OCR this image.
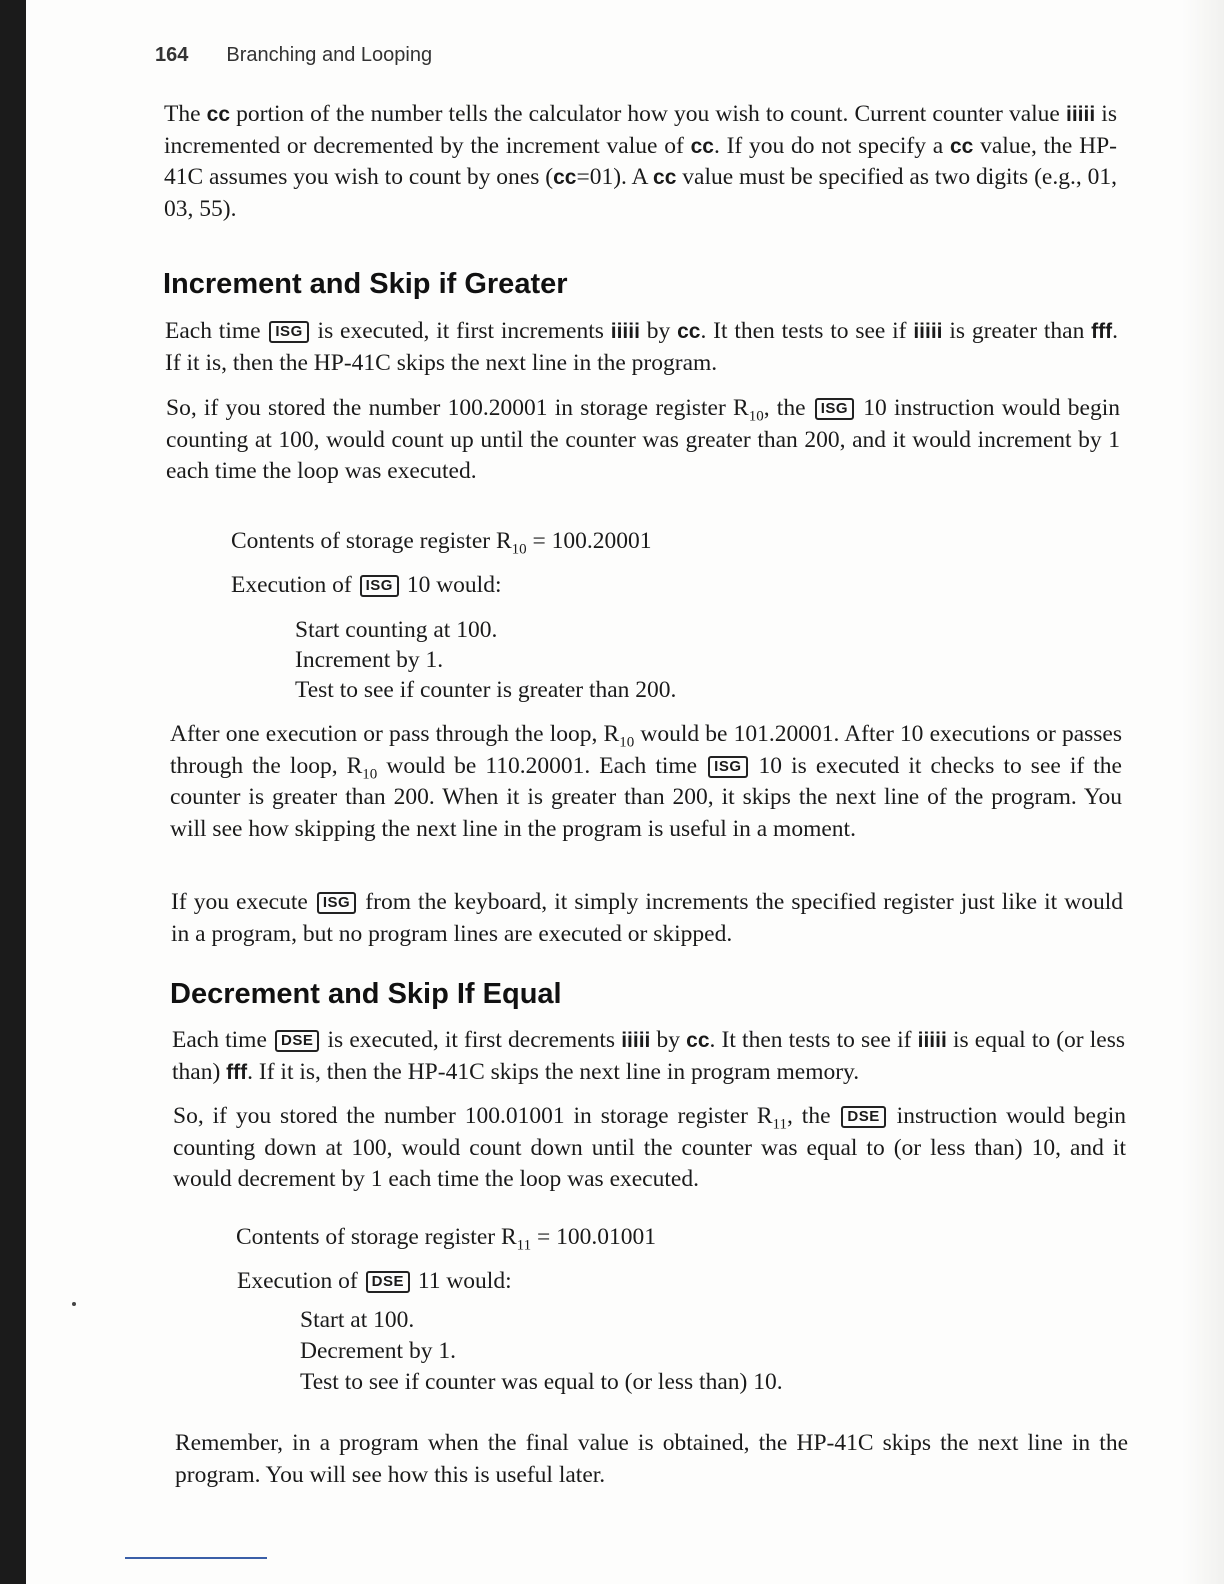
164 Branching and Looping

The cc portion of the number tells the calculator how you wish to count. Current counter value iiiii is incremented or decremented by the increment value of cc. If you do not specify a cc value, the HP-41C assumes you wish to count by ones (cc=01). A cc value must be specified as two digits (e.g., 01, 03, 55).

Increment and Skip if Greater

Each time ISG is executed, it first increments iiiii by cc. It then tests to see if iiiii is greater than fff. If it is, then the HP-41C skips the next line in the program.

So, if you stored the number 100.20001 in storage register $R_{10}$, the ISG 10 instruction would begin counting at 100, would count up until the counter was greater than 200, and it would increment by 1 each time the loop was executed.

Contents of storage register $R_{10} = 100.20001$
Execution of ISG 10 would:
Start counting at 100.
Increment by 1.
Test to see if counter is greater than 200.

After one execution or pass through the loop, $R_{10}$ would be 101.20001. After 10 executions or passes through the loop, $R_{10}$ would be 110.20001. Each time ISG 10 is executed it checks to see if the counter is greater than 200. When it is greater than 200, it skips the next line of the program. You will see how skipping the next line in the program is useful in a moment.

If you execute ISG from the keyboard, it simply increments the specified register just like it would in a program, but no program lines are executed or skipped.

Decrement and Skip If Equal

Each time DSE is executed, it first decrements iiiii by cc. It then tests to see if iiiii is equal to (or less than) fff. If it is, then the HP-41C skips the next line in program memory.

So, if you stored the number 100.01001 in storage register $R_{11}$, the DSE instruction would begin counting down at 100, would count down until the counter was equal to (or less than) 10, and it would decrement by 1 each time the loop was executed.

Contents of storage register $R_{11} = 100.01001$
Execution of DSE 11 would:
Start at 100.
Decrement by 1.
Test to see if counter was equal to (or less than) 10.
Remember, in a program when the final value is obtained, the HP-41C skips the next line in the program. You will see how this is useful later.
